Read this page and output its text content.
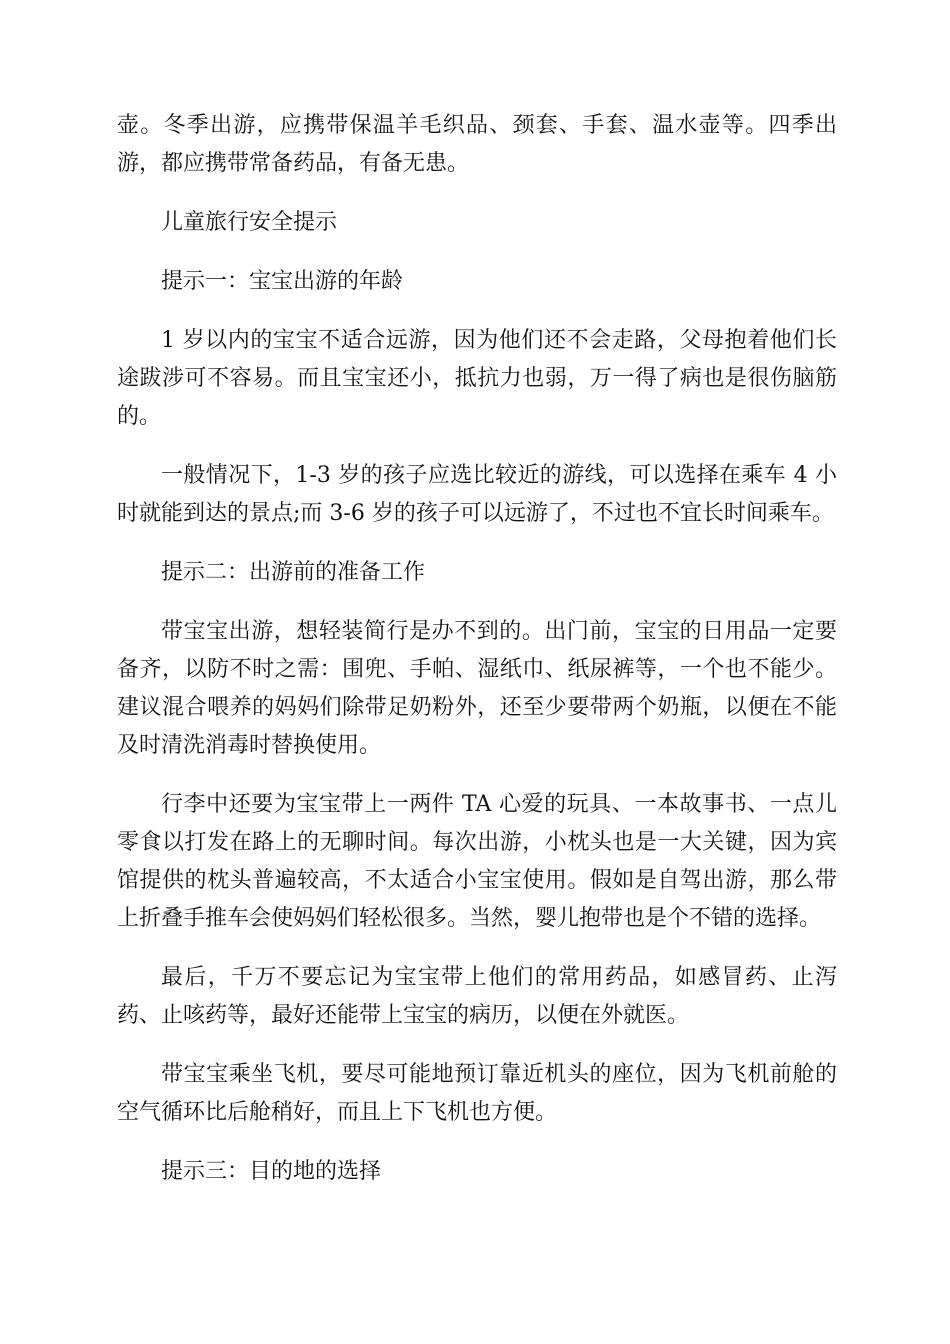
壶。冬季出游，应携带保温羊毛织品、颈套、手套、温水壶等。四季出游，都应携带常备药品，有备无患。

儿童旅行安全提示

提示一：宝宝出游的年龄

1 岁以内的宝宝不适合远游，因为他们还不会走路，父母抱着他们长途跋涉可不容易。而且宝宝还小，抵抗力也弱，万一得了病也是很伤脑筋的。

一般情况下，1-3 岁的孩子应选比较近的游线，可以选择在乘车 4 小时就能到达的景点;而 3-6 岁的孩子可以远游了，不过也不宜长时间乘车。

提示二：出游前的准备工作

带宝宝出游，想轻装简行是办不到的。出门前，宝宝的日用品一定要备齐，以防不时之需：围兜、手帕、湿纸巾、纸尿裤等，一个也不能少。建议混合喂养的妈妈们除带足奶粉外，还至少要带两个奶瓶，以便在不能及时清洗消毒时替换使用。

行李中还要为宝宝带上一两件 TA 心爱的玩具、一本故事书、一点儿零食以打发在路上的无聊时间。每次出游，小枕头也是一大关键，因为宾馆提供的枕头普遍较高，不太适合小宝宝使用。假如是自驾出游，那么带上折叠手推车会使妈妈们轻松很多。当然，婴儿抱带也是个不错的选择。

最后，千万不要忘记为宝宝带上他们的常用药品，如感冒药、止泻药、止咳药等，最好还能带上宝宝的病历，以便在外就医。

带宝宝乘坐飞机，要尽可能地预订靠近机头的座位，因为飞机前舱的空气循环比后舱稍好，而且上下飞机也方便。

提示三：目的地的选择
